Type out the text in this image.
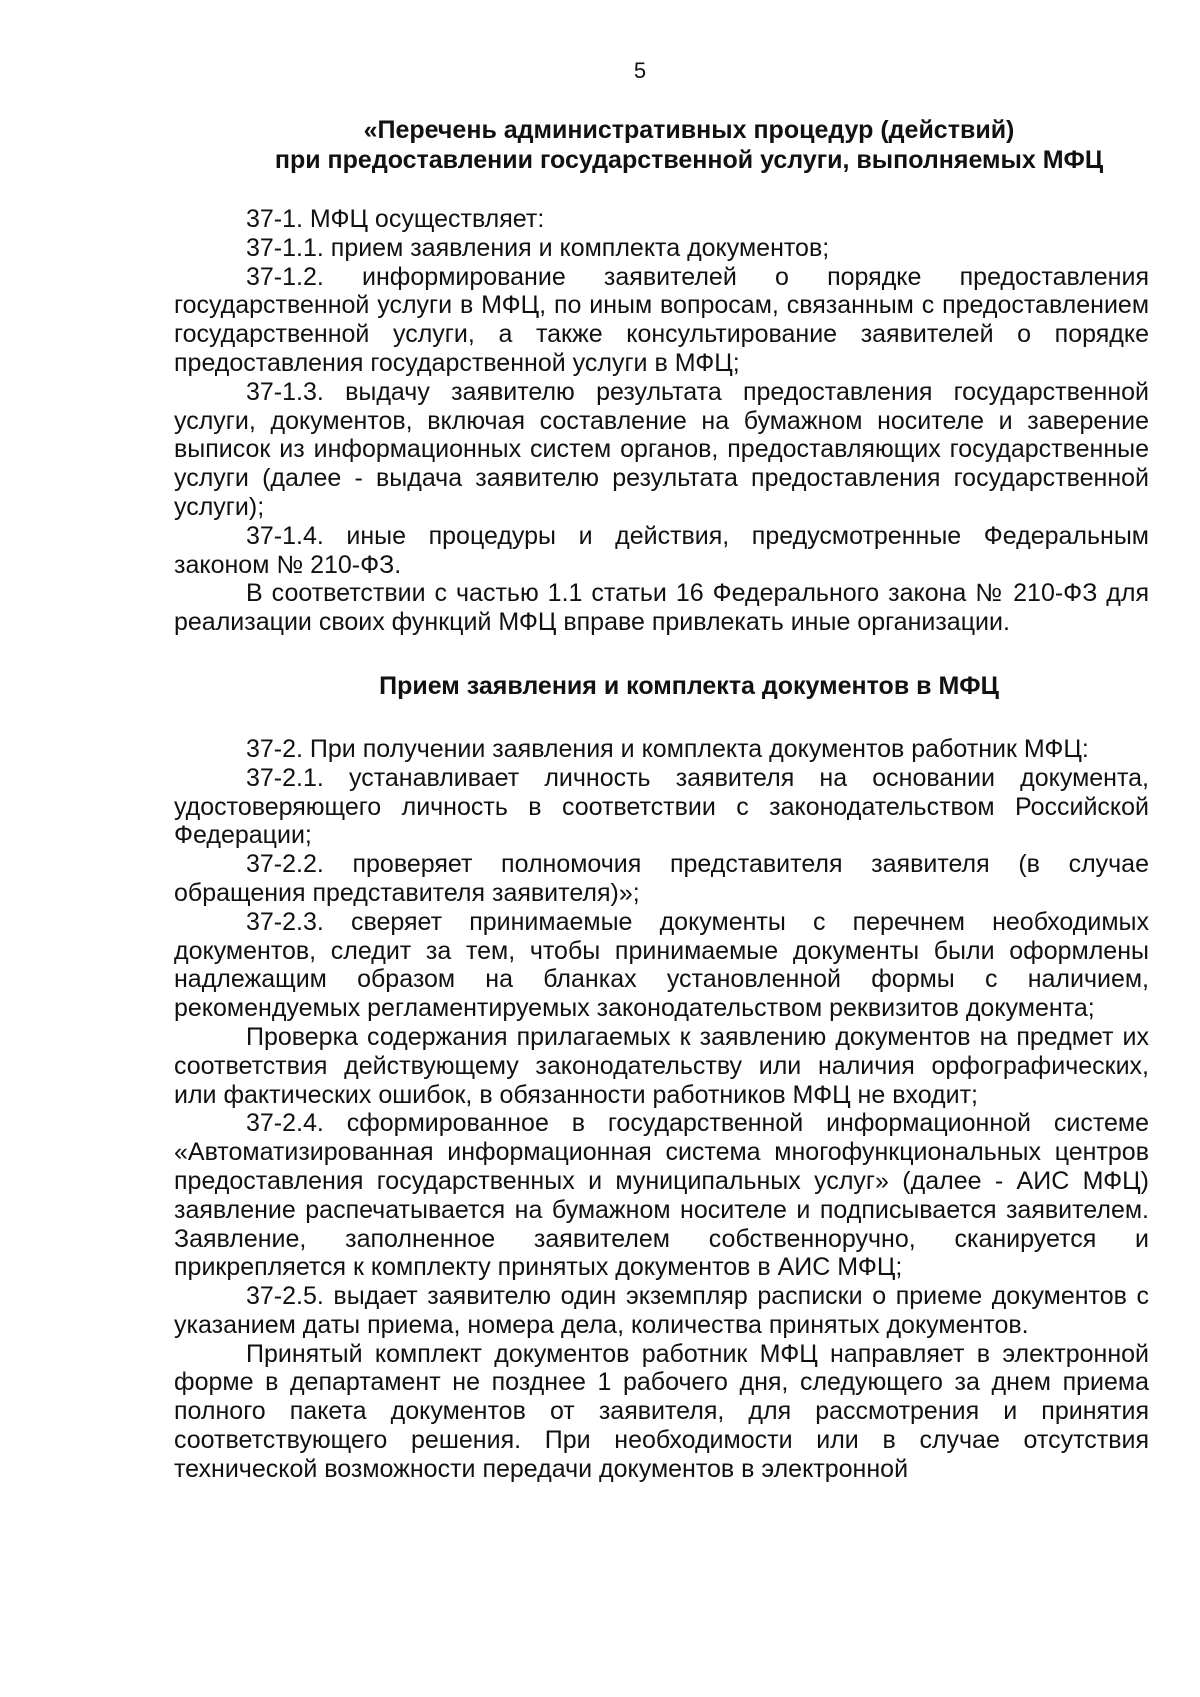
5

«Перечень административных процедур (действий)

при предоставлении государственной услуги, выполняемых МФЦ

37-1. МФЦ осуществляет:

37-1.1. прием заявления и комплекта документов;

37-1.2. информирование заявителей о порядке предоставления государственной услуги в МФЦ, по иным вопросам, связанным с предоставлением государственной услуги, а также консультирование заявителей о порядке предоставления государственной услуги в МФЦ;

37-1.3. выдачу заявителю результата предоставления государственной услуги, документов, включая составление на бумажном носителе и заверение выписок из информационных систем органов, предоставляющих государственные услуги (далее - выдача заявителю результата предоставления государственной услуги);

37-1.4. иные процедуры и действия, предусмотренные Федеральным законом № 210-ФЗ.

В соответствии с частью 1.1 статьи 16 Федерального закона № 210-ФЗ для реализации своих функций МФЦ вправе привлекать иные организации.

Прием заявления и комплекта документов в МФЦ

37-2. При получении заявления и комплекта документов работник МФЦ:

37-2.1. устанавливает личность заявителя на основании документа, удостоверяющего личность в соответствии с законодательством Российской Федерации;

37-2.2. проверяет полномочия представителя заявителя (в случае обращения представителя заявителя)»;

37-2.3. сверяет принимаемые документы с перечнем необходимых документов, следит за тем, чтобы принимаемые документы были оформлены надлежащим образом на бланках установленной формы с наличием, рекомендуемых регламентируемых законодательством реквизитов документа;

Проверка содержания прилагаемых к заявлению документов на предмет их соответствия действующему законодательству или наличия орфографических, или фактических ошибок, в обязанности работников МФЦ не входит;

37-2.4. сформированное в государственной информационной системе «Автоматизированная информационная система многофункциональных центров предоставления государственных и муниципальных услуг» (далее - АИС МФЦ) заявление распечатывается на бумажном носителе и подписывается заявителем. Заявление, заполненное заявителем собственноручно, сканируется и прикрепляется к комплекту принятых документов в АИС МФЦ;

37-2.5. выдает заявителю один экземпляр расписки о приеме документов с указанием даты приема, номера дела, количества принятых документов.

Принятый комплект документов работник МФЦ направляет в электронной форме в департамент не позднее 1 рабочего дня, следующего за днем приема полного пакета документов от заявителя, для рассмотрения и принятия соответствующего решения. При необходимости или в случае отсутствия технической возможности передачи документов в электронной
